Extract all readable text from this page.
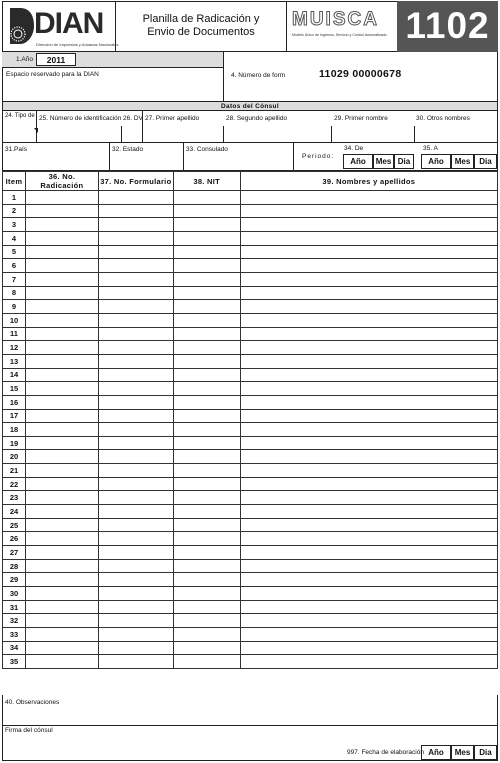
DIAN
Dirección de Impuestos y Aduanas Nacionales
Planilla de Radicación y
Envio de Documentos
MUISCA
Modelo Único de Ingresos, Servicio y Control Automatizado 1102
1.Año	2011
Espacio reservado para la DIAN	4. Número de form	11029 00000678
Datos del Cónsul
24. Tipo de 25. Número de identificación 26. DV 27. Primer apellido	28. Segundo apellido	29. Primer nombre	30. Otros nombres
31.País	32. Estado	33. Consulado
Periodo:
34. De
Año	Mes Dia
35. A
Año	Mes	Dia
Item	36. No. Radicación	37. No. Formulario	38. NIT	39. Nombres y apellidos
1				
2				
3				
4				
5				
6				
7				
8				
9				
10				
11				
12				
13				
14				
15				
16				
17				
18				
19				
20				
21				
22				
23				
24				
25				
26				
27				
28				
29				
30				
31				
32				
33				
34				
35				
40. Observaciones
Firma del cónsul
997. Fecha de elaboración Año	Mes	Dia
